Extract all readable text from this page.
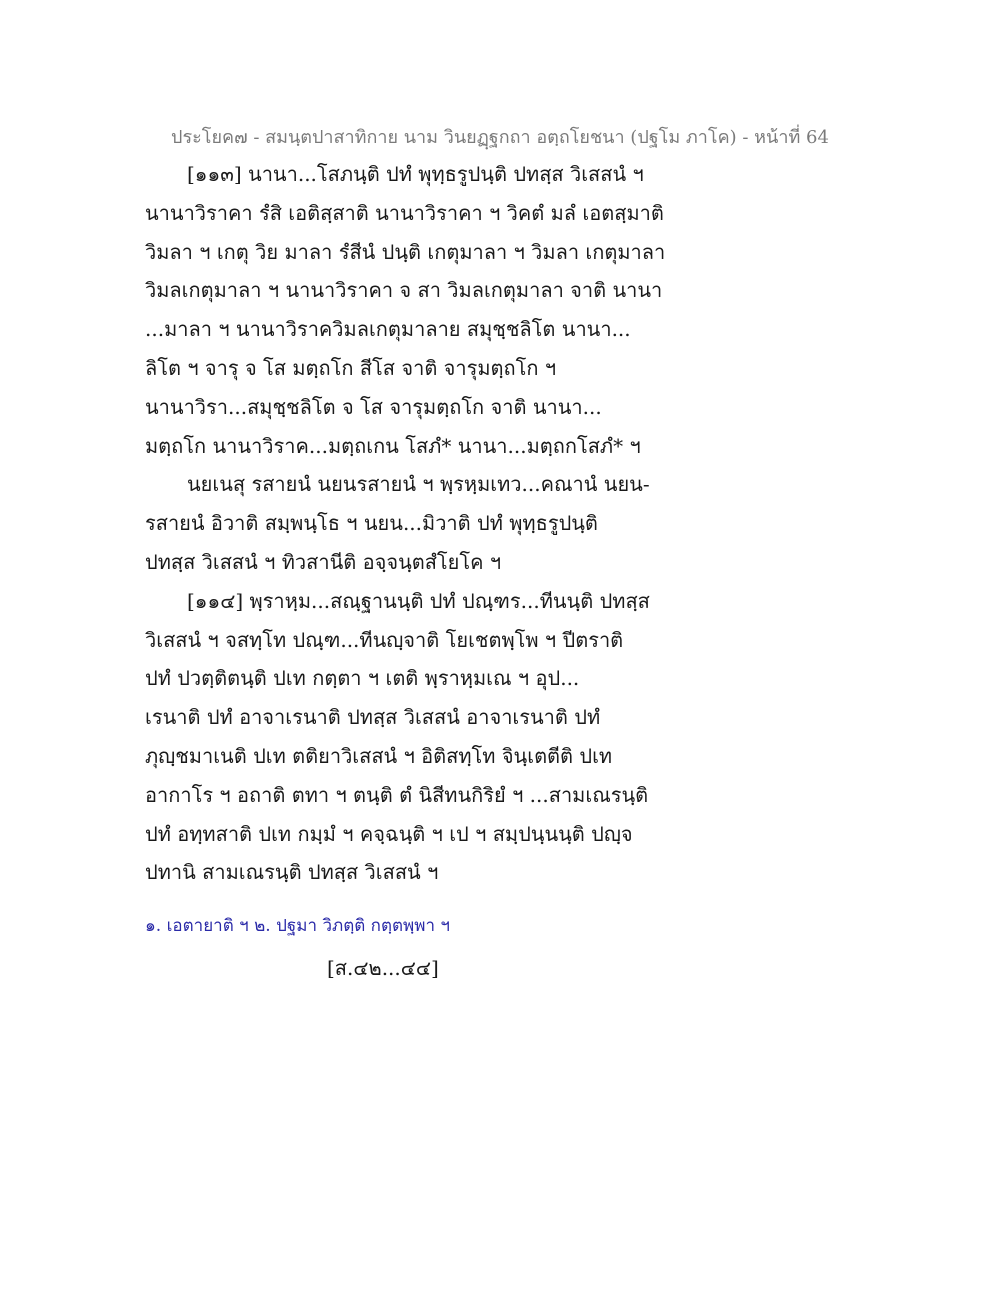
ประโยค๗ - สมนฺตปาสาทิกาย นาม วินยฏฺฐกถา อตฺถโยชนา (ปฐโม ภาโค) - หน้าที่ 64
[๑๑๓] นานา...โสภนฺติ ปทํ พุทฺธรูปนฺติ ปทสฺส วิเสสนํ ฯ
นานาวิราคา รํสิ เอติสฺสาติ นานาวิราคา ฯ วิคตํ มลํ เอตสฺมาติ
วิมลา ฯ เกตุ วิย มาลา รํสีนํ ปนฺติ เกตุมาลา ฯ วิมลา เกตุมาลา
วิมลเกตุมาลา ฯ นานาวิราคา จ สา วิมลเกตุมาลา จาติ นานา
...มาลา ฯ นานาวิราควิมลเกตุมาลาย สมุชฺชลิโต นานา...
ลิโต ฯ จารุ จ โส มตฺถโก สีโส จาติ จารุมตฺถโก ฯ
นานาวิรา...สมุชฺชลิโต จ โส จารุมตฺถโก จาติ นานา...
มตฺถโก นานาวิราค...มตฺถเกน โสภํ* นานา...มตฺถกโสภํ* ฯ
นยเนสุ รสายนํ นยนรสายนํ ฯ พฺรหฺมเทว...คณานํ นยน-
รสายนํ อิวาติ สมฺพนฺโธ ฯ นยน...มิวาติ ปทํ พุทฺธรูปนฺติ
ปทสฺส วิเสสนํ ฯ ทิวสานีติ อจฺจนฺตสํโยโค ฯ
[๑๑๔] พฺราหฺม...สณฺฐานนฺติ ปทํ ปณฺฑร...ทีนนฺติ ปทสฺส
วิเสสนํ ฯ จสทฺโท ปณฺฑ...ทีนญฺจาติ โยเชตพฺโพ ฯ ปีตราติ
ปทํ ปวตฺติตนฺติ ปเท กตฺตา ฯ เตติ พฺราหฺมเณ ฯ อุป...
เรนาติ ปทํ อาจาเรนาติ ปทสฺส วิเสสนํ อาจาเรนาติ ปทํ
ภุญฺชมาเนติ ปเท ตติยาวิเสสนํ ฯ อิติสทฺโท จินฺเตตีติ ปเท
อากาโร ฯ อถาติ ตทา ฯ ตนฺติ ตํ นิสีทนกิริยํ ฯ ...สามเณรนฺติ
ปทํ อทฺทสาติ ปเท กมฺมํ ฯ คจฺฉนฺติ ฯ เป ฯ สมฺปนฺนนฺติ ปญฺจ
ปทานิ สามเณรนฺติ ปทสฺส วิเสสนํ ฯ
๑. เอตายาติ ฯ ๒. ปฐมา วิภตฺติ กตฺตพฺพา ฯ
[ส.๔๒...๔๔]
